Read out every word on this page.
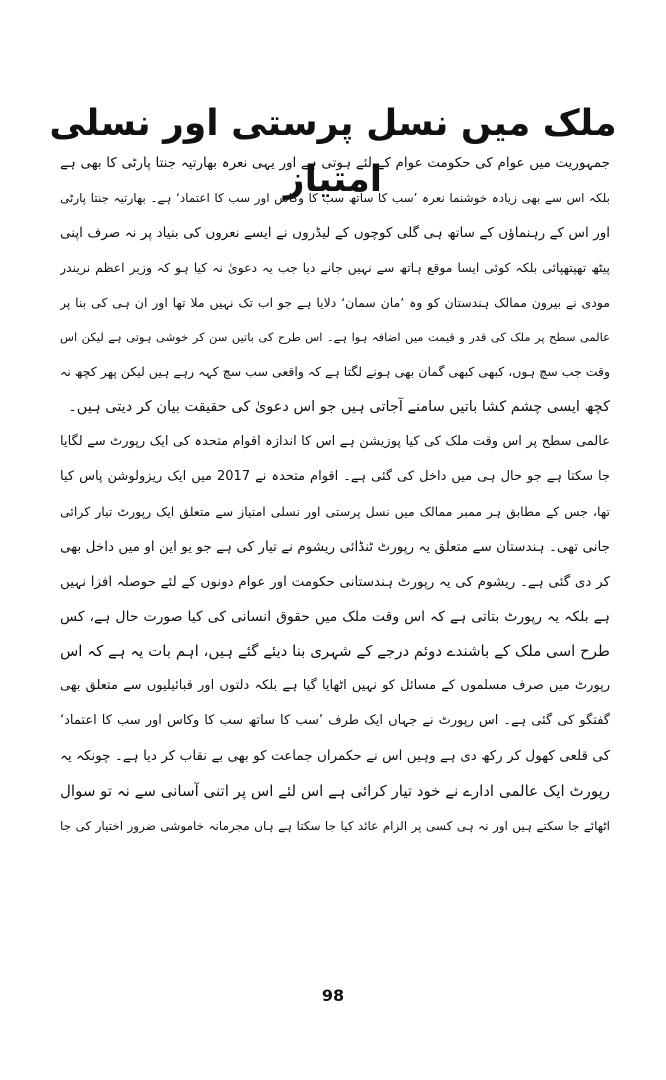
ملک میں نسل پرستی اور نسلی امتیاز
جمہوریت میں عوام کی حکومت عوام کے لئے ہوتی ہے اور یہی نعرہ بھارتیہ جنتا پارٹی کا بھی ہے
بلکہ اس سے بھی زیادہ خوشنما نعرہ ’سب کا ساتھ سب کا وکاس اور سب کا اعتماد‘ ہے۔ بھارتیہ جنتا پارٹی
اور اس کے رہنماؤں کے ساتھ ہی گلی کوچوں کے لیڈروں نے ایسے نعروں کی بنیاد پر نہ صرف اپنی
پیٹھ تھپتھپائی بلکہ کوئی ایسا موقع ہاتھ سے نہیں جانے دیا جب یہ دعویٰ نہ کیا ہو کہ وزیر اعظم نریندر
مودی نے بیرون ممالک ہندستان کو وہ ’مان سمان‘ دلایا ہے جو اب تک نہیں ملا تھا اور ان ہی کی بنا پر
عالمی سطح پر ملک کی قدر و قیمت میں اضافہ ہوا ہے۔ اس طرح کی باتیں سن کر خوشی ہوتی ہے لیکن اس
وقت جب سچ ہوں، کبھی کبھی گمان بھی ہونے لگتا ہے کہ واقعی سب سچ کہہ رہے ہیں لیکن پھر کچھ نہ
کچھ ایسی چشم کشا باتیں سامنے آجاتی ہیں جو اس دعویٰ کی حقیقت بیان کر دیتی ہیں۔
عالمی سطح پر اس وقت ملک کی کیا پوزیشن ہے اس کا اندازہ اقوام متحدہ کی ایک رپورٹ سے لگایا
جا سکتا ہے جو حال ہی میں داخل کی گئی ہے۔ اقوام متحدہ نے 2017 میں ایک ریزولوشن پاس کیا
تھا، جس کے مطابق ہر ممبر ممالک میں نسل پرستی اور نسلی امتیاز سے متعلق ایک رپورٹ تیار کرائی
جانی تھی۔ ہندستان سے متعلق یہ رپورٹ ٹنڈائی ریشوم نے تیار کی ہے جو یو این او میں داخل بھی
کر دی گئی ہے۔ ریشوم کی یہ رپورٹ ہندستانی حکومت اور عوام دونوں کے لئے حوصلہ افزا نہیں
ہے بلکہ یہ رپورٹ بتاتی ہے کہ اس وقت ملک میں حقوق انسانی کی کیا صورت حال ہے، کس
طرح اسی ملک کے باشندے دوئم درجے کے شہری بنا دیئے گئے ہیں، اہم بات یہ ہے کہ اس
رپورٹ میں صرف مسلموں کے مسائل کو نہیں اٹھایا گیا ہے بلکہ دلتوں اور قبائیلیوں سے متعلق بھی
گفتگو کی گئی ہے۔ اس رپورٹ نے جہاں ایک طرف ’سب کا ساتھ سب کا وکاس اور سب کا اعتماد‘
کی قلعی کھول کر رکھ دی ہے وہیں اس نے حکمراں جماعت کو بھی بے نقاب کر دیا ہے۔ چونکہ یہ
رپورٹ ایک عالمی ادارے نے خود تیار کرائی ہے اس لئے اس پر اتنی آسانی سے نہ تو سوال
اٹھائے جا سکتے ہیں اور نہ ہی کسی پر الزام عائد کیا جا سکتا ہے ہاں مجرمانہ خاموشی ضرور اختیار کی جا
98
